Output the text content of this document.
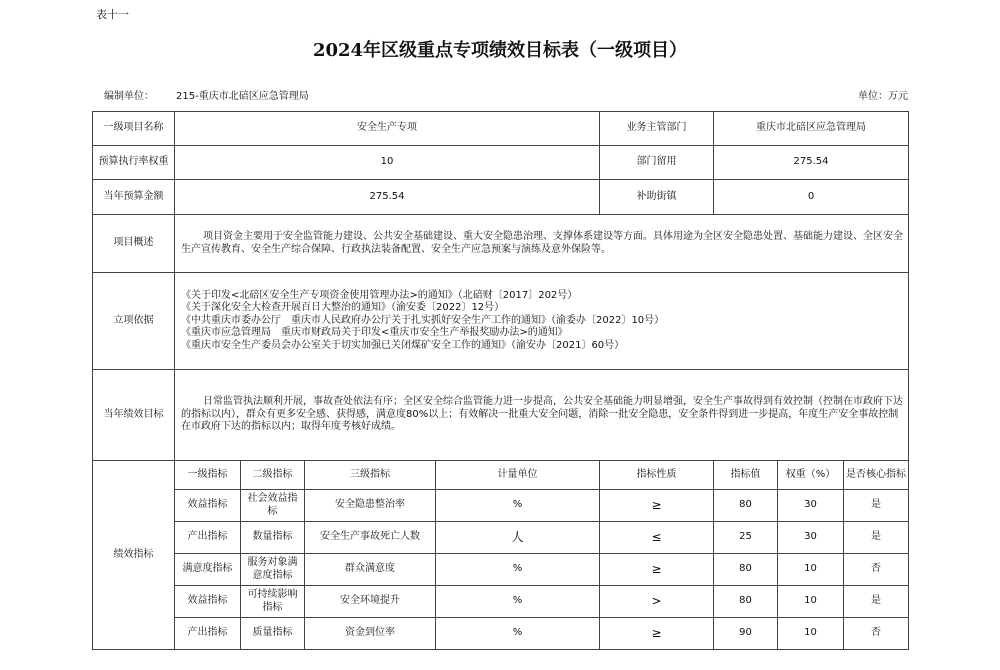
表十一
2024年区级重点专项绩效目标表（一级项目）
编制单位： 215-重庆市北碚区应急管理局	单位：万元
一级项目名称	安全生产专项				业务主管部门	重庆市北碚区应急管理局		
预算执行率权重	10				部门留用	275.54		
当年预算金额	275.54				补助街镇	0		
项目概述	项目资金主要用于安全监管能力建设、公共安全基础建设、重大安全隐患治理、支撑体系建设等方面。具体用途为全区安全隐患处置、基础能力建设、全区安全生产宣传教育、安全生产综合保障、行政执法装备配置、安全生产应急预案与演练及意外保险等。							

立项依据	《关于印发<北碚区安全生产专项资金使用管理办法>的通知》（北碚财〔2017〕202号）
《关于深化安全大检查开展百日大整治的通知》（渝安委〔2022〕12号）
《中共重庆市委办公厅　重庆市人民政府办公厅关于扎实抓好安全生产工作的通知》（渝委办〔2022〕10号）
《重庆市应急管理局　重庆市财政局关于印发<重庆市安全生产举报奖励办法>的通知》
《重庆市安全生产委员会办公室关于切实加强已关闭煤矿安全工作的通知》（渝安办〔2021〕60号）							

当年绩效目标	日常监管执法顺利开展，事故查处依法有序；全区安全综合监管能力进一步提高，公共安全基础能力明显增强，安全生产事故得到有效控制（控制在市政府下达的指标以内），群众有更多安全感、获得感，满意度80%以上；有效解决一批重大安全问题，消除一批安全隐患，安全条件得到进一步提高，年度生产安全事故控制在市政府下达的指标以内；取得年度考核好成绩。							

绩效指标	一级指标	二级指标	三级指标	计量单位	指标性质	指标值	权重（%）	是否核心指标
	效益指标	社会效益指标	安全隐患整治率	%	≥	80	30	是
	产出指标	数量指标	安全生产事故死亡人数	人	≤	25	30	是
	满意度指标	服务对象满意度指标	群众满意度	%	≥	80	10	否
	效益指标	可持续影响指标	安全环境提升	%	>	80	10	是
	产出指标	质量指标	资金到位率	%	≥	90	10	否
